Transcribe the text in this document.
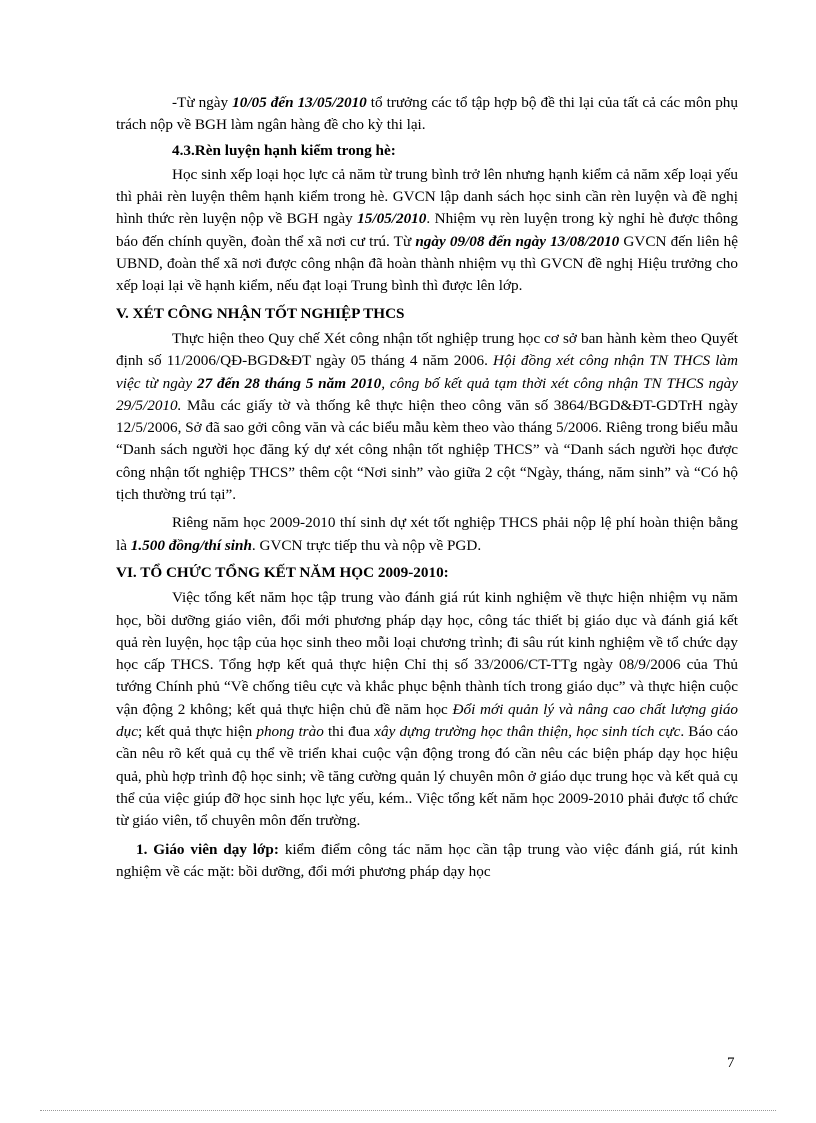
-Từ ngày 10/05 đến 13/05/2010 tổ trưởng các tổ tập hợp bộ đề thi lại của tất cả các môn phụ trách nộp về BGH làm ngân hàng đề cho kỳ thi lại.

4.3.Rèn luyện hạnh kiểm trong hè:

Học sinh xếp loại học lực cả năm từ trung bình trở lên nhưng hạnh kiểm cả năm xếp loại yếu thì phải rèn luyện thêm hạnh kiểm trong hè. GVCN lập danh sách học sinh cần rèn luyện và đề nghị hình thức rèn luyện nộp về BGH ngày 15/05/2010. Nhiệm vụ rèn luyện trong kỳ nghỉ hè được thông báo đến chính quyền, đoàn thể xã nơi cư trú. Từ ngày 09/08 đến ngày 13/08/2010 GVCN đến liên hệ UBND, đoàn thể xã nơi được công nhận đã hoàn thành nhiệm vụ thì GVCN đề nghị Hiệu trưởng cho xếp loại lại về hạnh kiểm, nếu đạt loại Trung bình thì được lên lớp.

V. XÉT CÔNG NHẬN TỐT NGHIỆP THCS

Thực hiện theo Quy chế Xét công nhận tốt nghiệp trung học cơ sở ban hành kèm theo Quyết định số 11/2006/QĐ-BGD&ĐT ngày 05 tháng 4 năm 2006. Hội đồng xét công nhận TN THCS làm việc từ ngày 27 đến 28 tháng 5 năm 2010, công bố kết quả tạm thời xét công nhận TN THCS ngày 29/5/2010. Mẫu các giấy tờ và thống kê thực hiện theo công văn số 3864/BGD&ĐT-GDTrH ngày 12/5/2006, Sở đã sao gởi công văn và các biểu mẫu kèm theo vào tháng 5/2006. Riêng trong biểu mẫu “Danh sách người học đăng ký dự xét công nhận tốt nghiệp THCS” và “Danh sách người học được công nhận tốt nghiệp THCS” thêm cột “Nơi sinh” vào giữa 2 cột “Ngày, tháng, năm sinh” và “Có hộ tịch thường trú tại”.

Riêng năm học 2009-2010 thí sinh dự xét tốt nghiệp THCS phải nộp lệ phí hoàn thiện bằng là 1.500 đồng/thí sinh. GVCN trực tiếp thu và nộp về PGD.

VI. TỔ CHỨC TỔNG KẾT NĂM HỌC 2009-2010:

Việc tổng kết năm học tập trung vào đánh giá rút kinh nghiệm về thực hiện nhiệm vụ năm học, bồi dưỡng giáo viên, đổi mới phương pháp dạy học, công tác thiết bị giáo dục và đánh giá kết quả rèn luyện, học tập của học sinh theo mỗi loại chương trình; đi sâu rút kinh nghiệm về tổ chức dạy học cấp THCS. Tổng hợp kết quả thực hiện Chỉ thị số 33/2006/CT-TTg ngày 08/9/2006 của Thủ tướng Chính phủ “Về chống tiêu cực và khắc phục bệnh thành tích trong giáo dục” và thực hiện cuộc vận động 2 không; kết quả thực hiện chủ đề năm học Đổi mới quản lý và nâng cao chất lượng giáo dục; kết quả thực hiện phong trào thi đua xây dựng trường học thân thiện, học sinh tích cực. Báo cáo cần nêu rõ kết quả cụ thể về triển khai cuộc vận động trong đó cần nêu các biện pháp dạy học hiệu quả, phù hợp trình độ học sinh; về tăng cường quản lý chuyên môn ở giáo dục trung học và kết quả cụ thể của việc giúp đỡ học sinh học lực yếu, kém.. Việc tổng kết năm học 2009-2010 phải được tổ chức từ giáo viên, tổ chuyên môn đến trường.

1. Giáo viên dạy lớp: kiểm điểm công tác năm học cần tập trung vào việc đánh giá, rút kinh nghiệm về các mặt: bồi dưỡng, đổi mới phương pháp dạy học

7
